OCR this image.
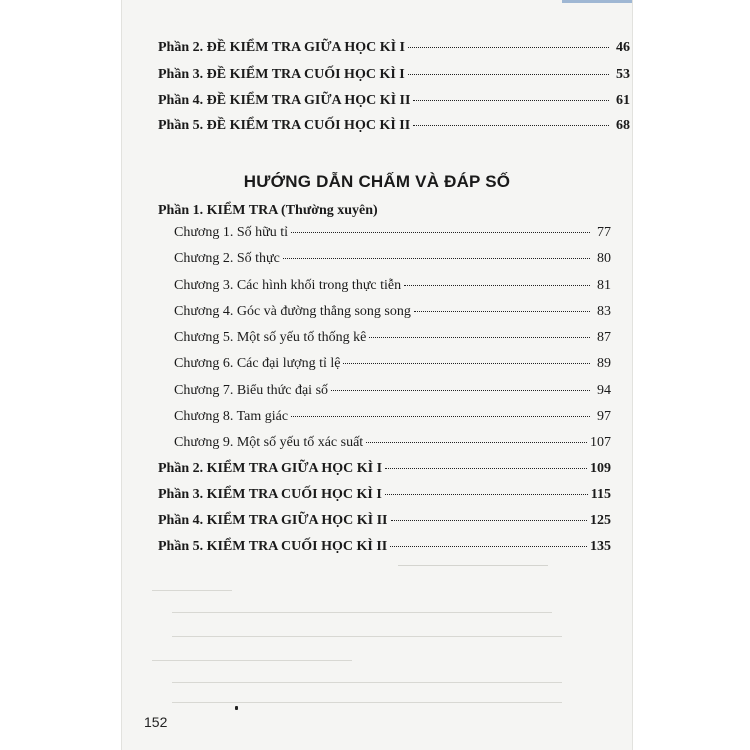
Phần 2. ĐỀ KIỂM TRA GIỮA HỌC KÌ I	46
Phần 3. ĐỀ KIỂM TRA CUỐI HỌC KÌ I	53
Phần 4. ĐỀ KIỂM TRA GIỮA HỌC KÌ II	61
Phần 5. ĐỀ KIỂM TRA CUỐI HỌC KÌ II	68
HƯỚNG DẪN CHẤM VÀ ĐÁP SỐ
Phần 1. KIỂM TRA (Thường xuyên)
Chương 1. Số hữu tỉ	77
Chương 2. Số thực	80
Chương 3. Các hình khối trong thực tiễn	81
Chương 4. Góc và đường thẳng song song	83
Chương 5. Một số yếu tố thống kê	87
Chương 6. Các đại lượng tỉ lệ	89
Chương 7. Biểu thức đại số	94
Chương 8. Tam giác	97
Chương 9. Một số yếu tố xác suất	107
Phần 2. KIỂM TRA GIỮA HỌC KÌ I	109
Phần 3. KIỂM TRA CUỐI HỌC KÌ I	115
Phần 4. KIỂM TRA GIỮA HỌC KÌ II	125
Phần 5. KIỂM TRA CUỐI HỌC KÌ II	135
152
